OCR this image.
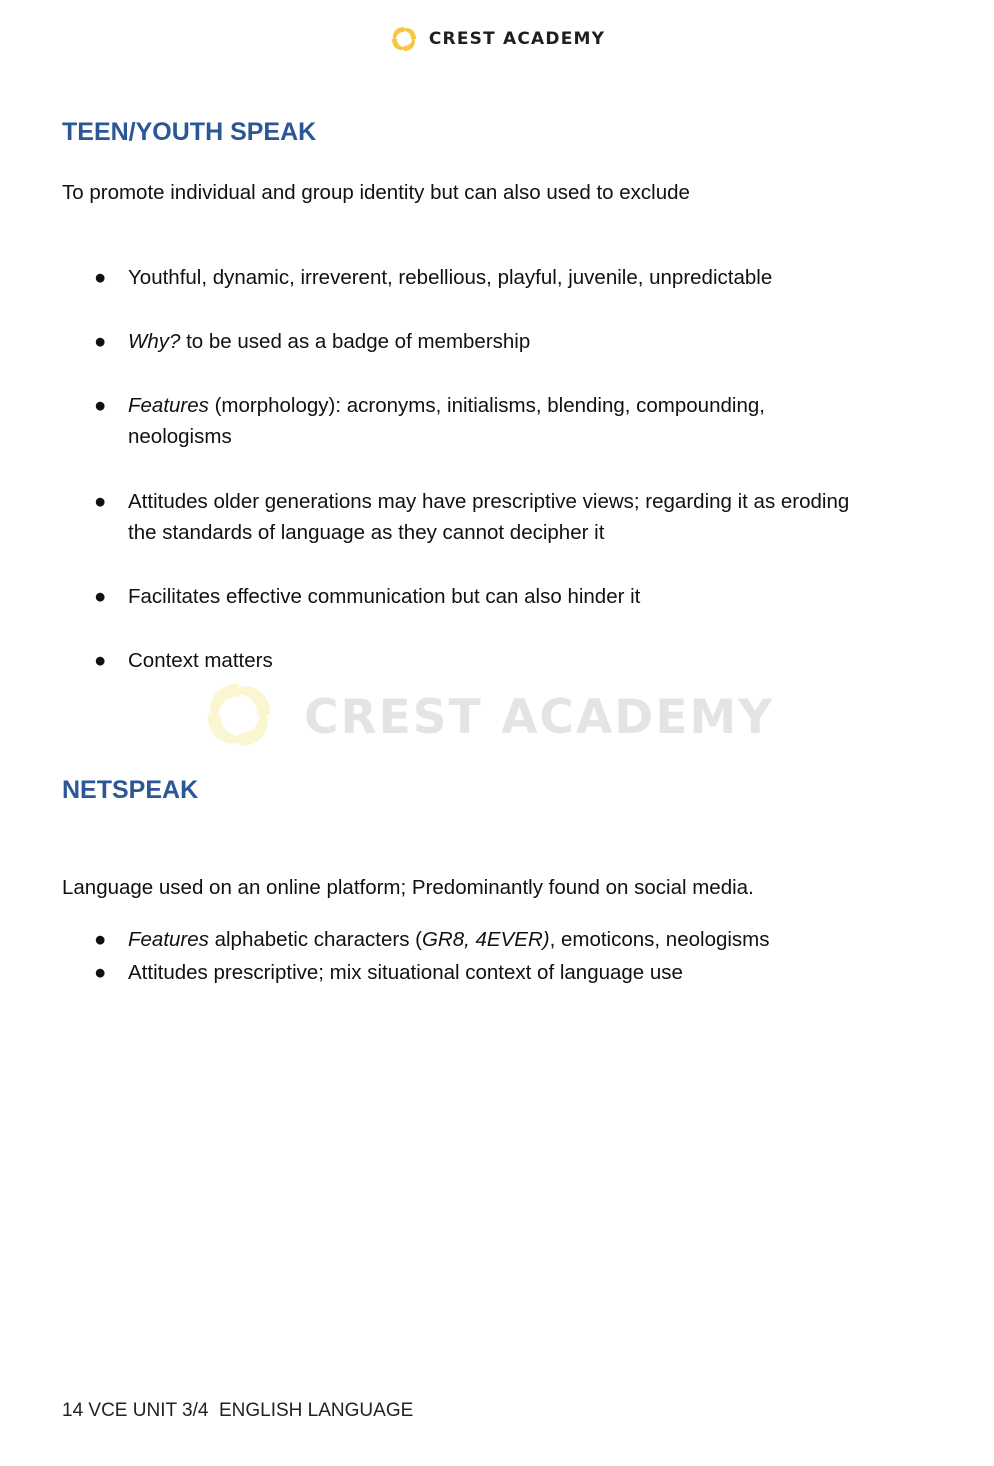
CREST ACADEMY
TEEN/YOUTH SPEAK

To promote individual and group identity but can also used to exclude

●	Youthful, dynamic, irreverent, rebellious, playful, juvenile, unpredictable
●	Why? to be used as a badge of membership
●	Features (morphology): acronyms, initialisms, blending, compounding, neologisms
●	Attitudes older generations may have prescriptive views; regarding it as eroding the standards of language as they cannot decipher it
●	Facilitates effective communication but can also hinder it
●	Context matters
CREST ACADEMY
NETSPEAK

Language used on an online platform; Predominantly found on social media.

●	Features alphabetic characters (GR8, 4EVER), emoticons, neologisms
●	Attitudes prescriptive; mix situational context of language use
14 VCE UNIT 3/4  ENGLISH LANGUAGE
